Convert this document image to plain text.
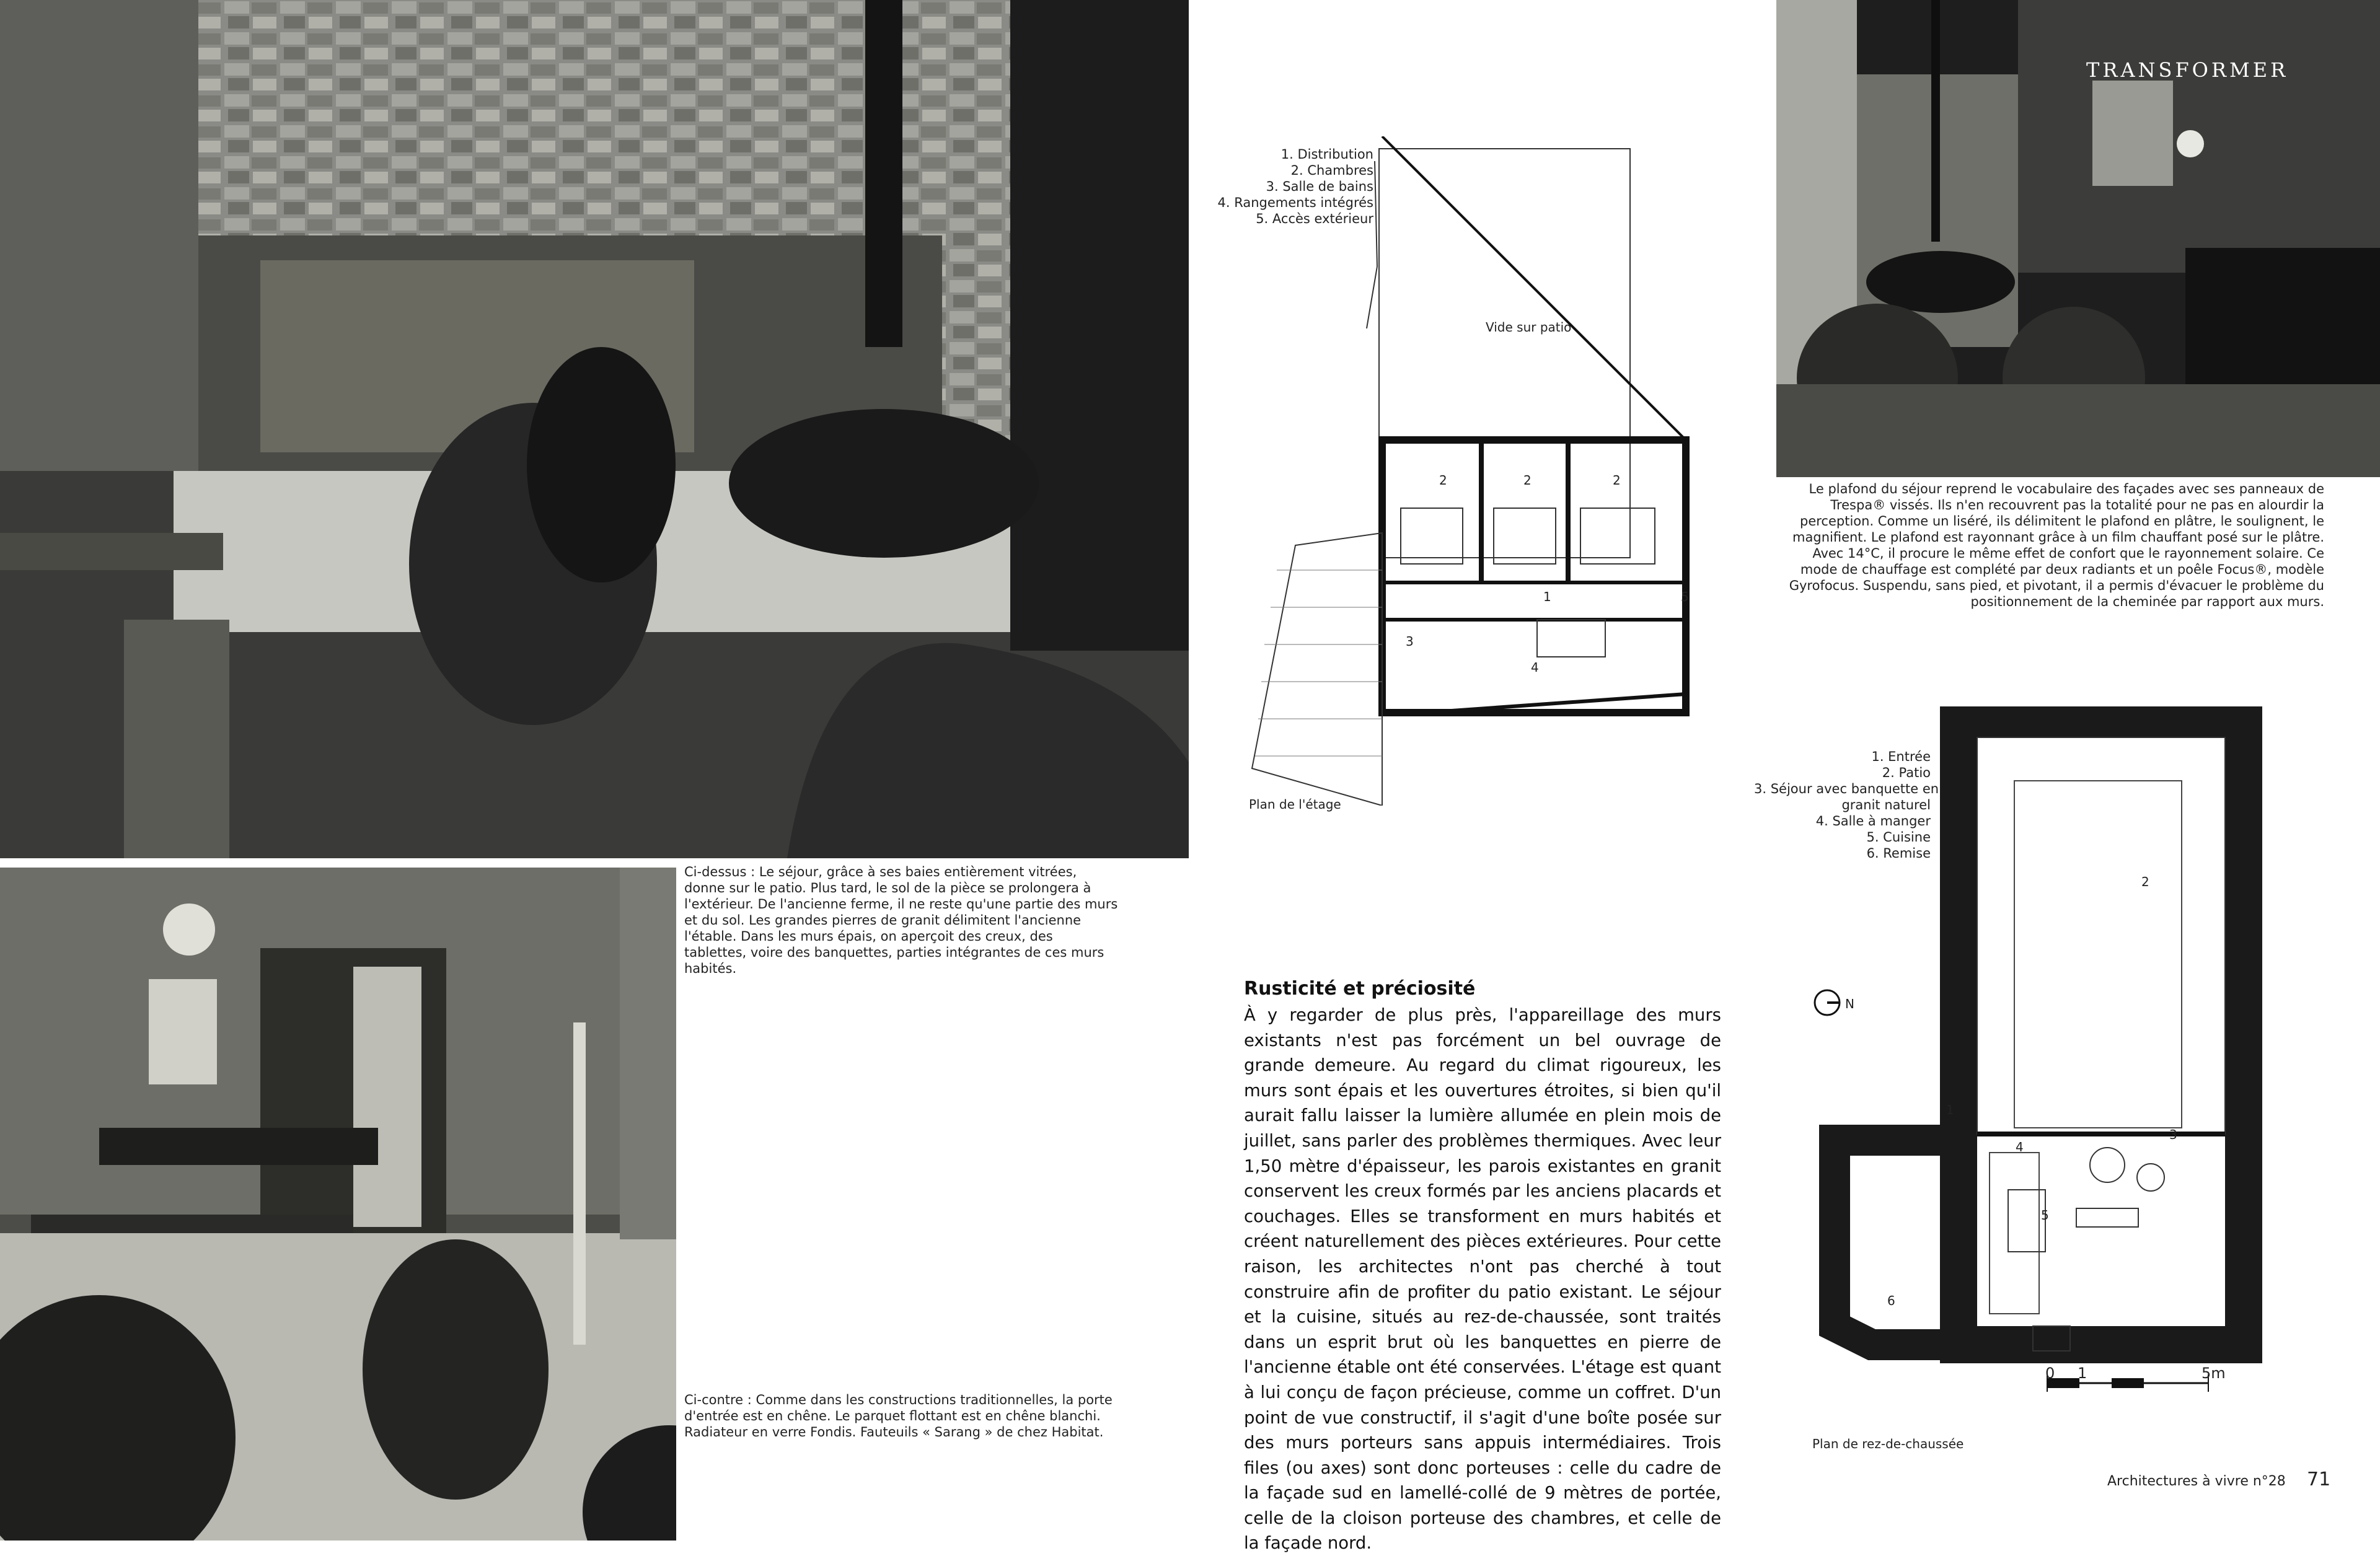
Ci-dessus : Le séjour, grâce à ses baies entièrement vitrées, donne sur le patio. Plus tard, le sol de la pièce se prolongera à l'extérieur. De l'ancienne ferme, il ne reste qu'une partie des murs et du sol. Les grandes pierres de granit délimitent l'ancienne l'étable. Dans les murs épais, on aperçoit des creux, des tablettes, voire des banquettes, parties intégrantes de ces murs habités.
Ci-contre : Comme dans les constructions traditionnelles, la porte d'entrée est en chêne. Le parquet flottant est en chêne blanchi. Radiateur en verre Fondis. Fauteuils « Sarang » de chez Habitat.
1. Distribution
2. Chambres
3. Salle de bains
4. Rangements intégrés
5. Accès extérieur
2	2	2
1
3
4
5
Vide sur patio
Plan de l'étage
Rusticité et préciosité
À y regarder de plus près, l'appareillage des murs existants n'est pas forcément un bel ouvrage de grande demeure. Au regard du climat rigoureux, les murs sont épais et les ouvertures étroites, si bien qu'il aurait fallu laisser la lumière allumée en plein mois de juillet, sans parler des problèmes thermiques. Avec leur 1,50 mètre d'épaisseur, les parois existantes en granit conservent les creux formés par les anciens placards et couchages. Elles se transforment en murs habités et créent naturellement des pièces extérieures. Pour cette raison, les architectes n'ont pas cherché à tout construire afin de profiter du patio existant. Le séjour et la cuisine, situés au rez-de-chaussée, sont traités dans un esprit brut où les banquettes en pierre de l'ancienne étable ont été conservées. L'étage est quant à lui conçu de façon précieuse, comme un coffret. D'un point de vue constructif, il s'agit d'une boîte posée sur des murs porteurs sans appuis intermédiaires. Trois files (ou axes) sont donc porteuses : celle du cadre de la façade sud en lamellé-collé de 9 mètres de portée, celle de la cloison porteuse des chambres, et celle de la façade nord.
TRANSFORMER
Le plafond du séjour reprend le vocabulaire des façades avec ses panneaux de Trespa® vissés. Ils n'en recouvrent pas la totalité pour ne pas en alourdir la perception. Comme un liséré, ils délimitent le plafond en plâtre, le soulignent, le magnifient. Le plafond est rayonnant grâce à un film chauffant posé sur le plâtre. Avec 14°C, il procure le même effet de confort que le rayonnement solaire. Ce mode de chauffage est complété par deux radiants et un poêle Focus®, modèle Gyrofocus. Suspendu, sans pied, et pivotant, il a permis d'évacuer le problème du positionnement de la cheminée par rapport aux murs.
1. Entrée
2. Patio
3. Séjour avec banquette en
granit naturel
4. Salle à manger
5. Cuisine
6. Remise
2
1
3
4
5
6
N
0 1	5m
Plan de rez-de-chaussée
Architectures à vivre n°28 71
